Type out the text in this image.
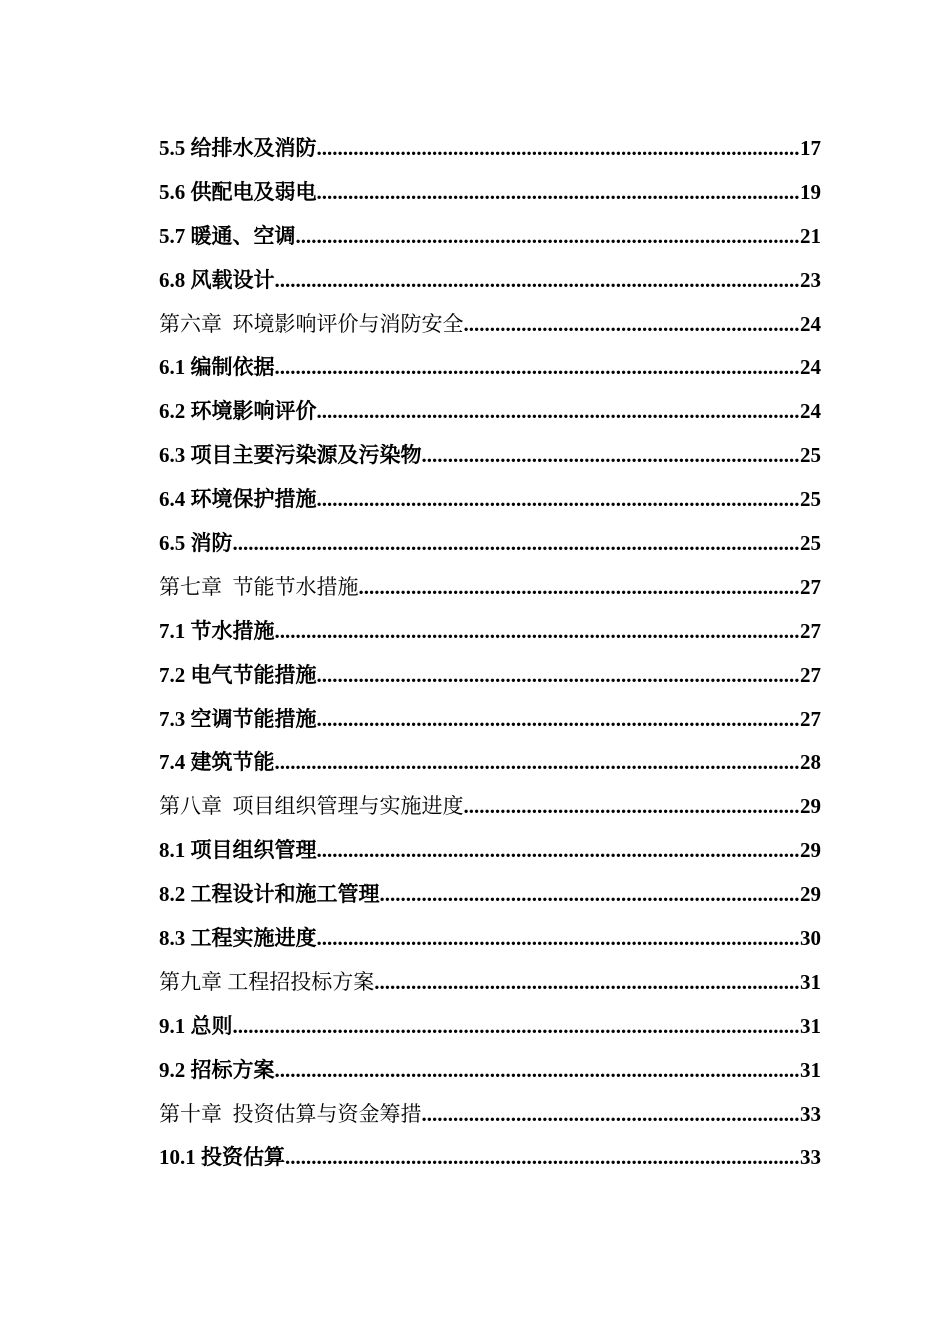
5.5 给排水及消防 .....	17
5.6 供配电及弱电 .....	19
5.7 暖通、空调 .....	21
6.8 风载设计 .....	23
第六章  环境影响评价与消防安全 .....	24
6.1 编制依据 .....	24
6.2 环境影响评价 .....	24
6.3 项目主要污染源及污染物 .....	25
6.4 环境保护措施 .....	25
6.5 消防 .....	25
第七章  节能节水措施 .....	27
7.1 节水措施 .....	27
7.2 电气节能措施 .....	27
7.3 空调节能措施 .....	27
7.4 建筑节能 .....	28
第八章  项目组织管理与实施进度 .....	29
8.1 项目组织管理 .....	29
8.2 工程设计和施工管理 .....	29
8.3 工程实施进度 .....	30
第九章 工程招投标方案 .....	31
9.1 总则 .....	31
9.2 招标方案 .....	31
第十章  投资估算与资金筹措 .....	33
10.1 投资估算 .....	33
